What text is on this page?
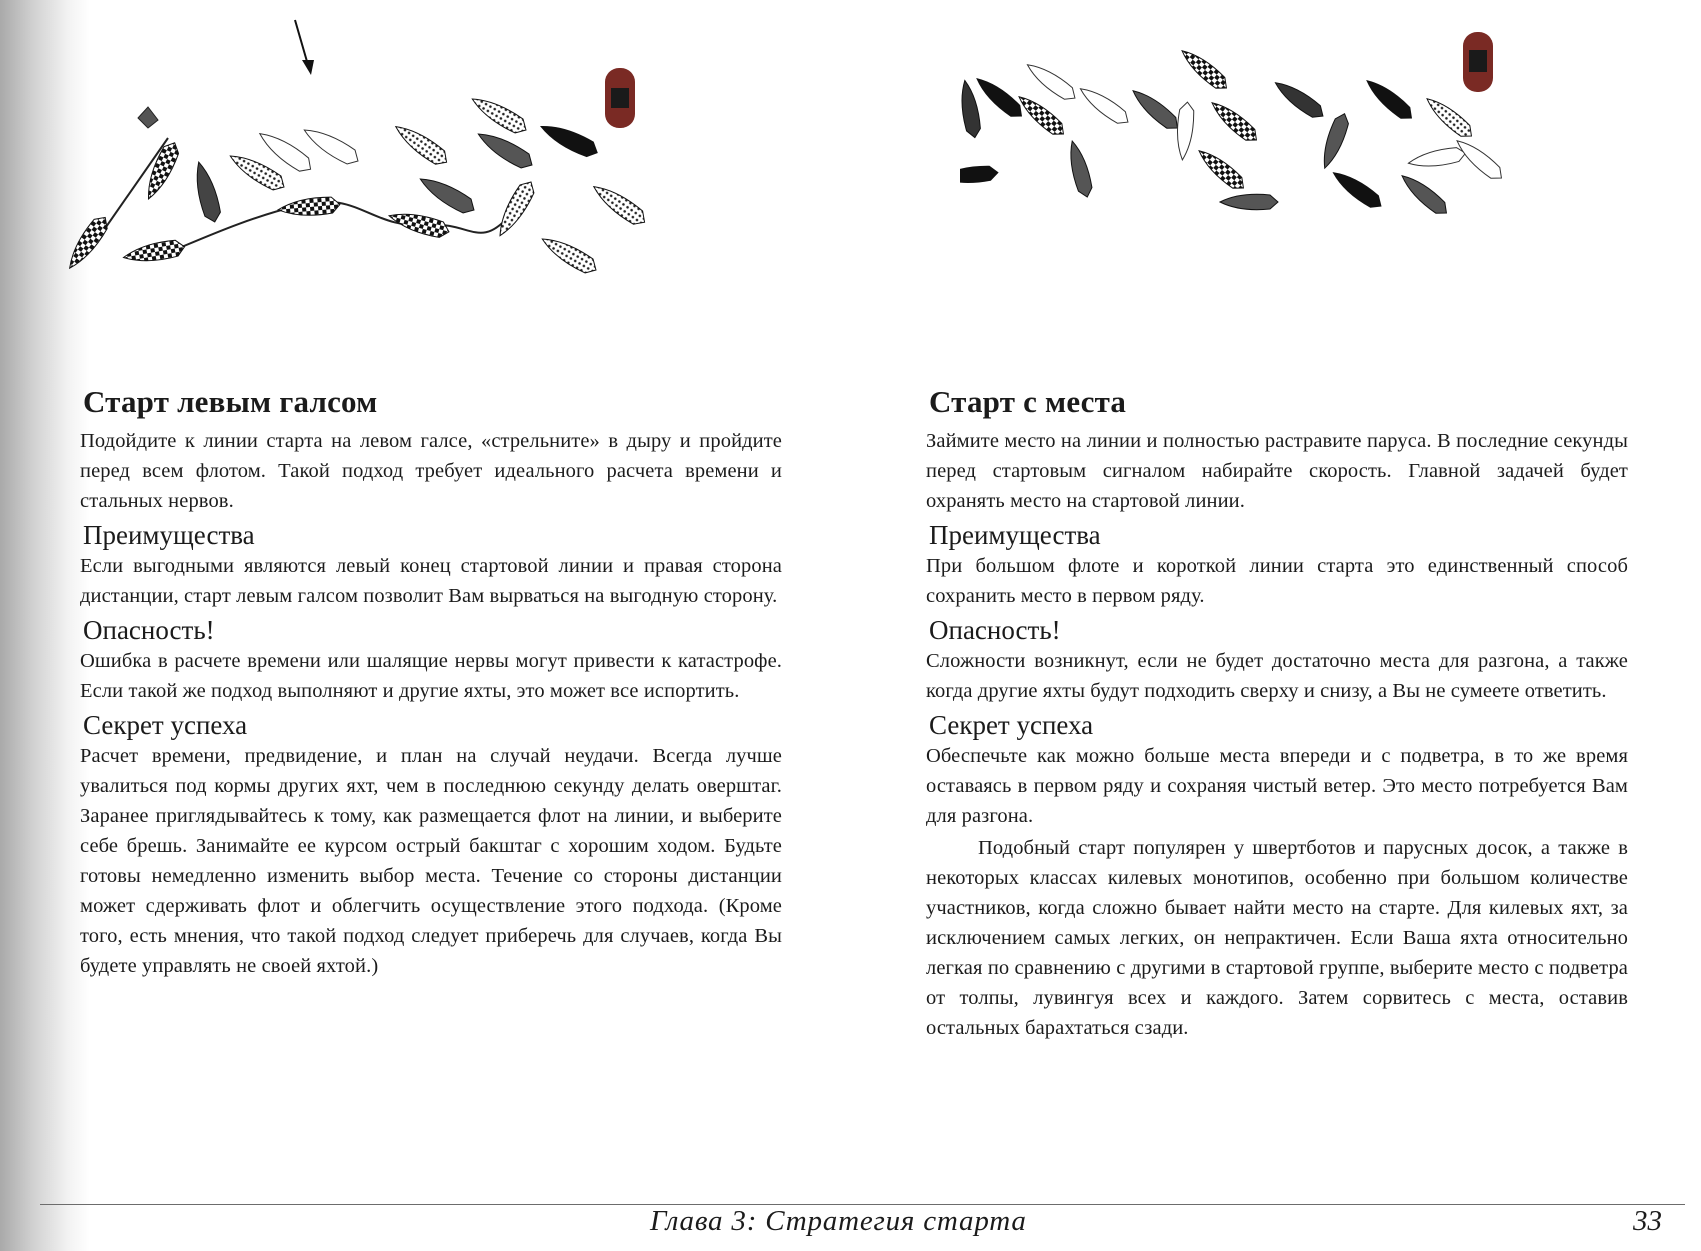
Старт левым галсом

Подойдите к линии старта на левом галсе, «стрельните» в дыру и пройдите перед всем флотом. Такой подход требует идеального расчета времени и стальных нервов.

Преимущества

Если выгодными являются левый конец стартовой линии и правая сторона дистанции, старт левым галсом позволит Вам вырваться на выгодную сторону.

Опасность!

Ошибка в расчете времени или шалящие нервы могут привести к катастрофе. Если такой же подход выполняют и другие яхты, это может все испортить.

Секрет успеха

Расчет времени, предвидение, и план на случай неудачи. Всегда лучше увалиться под кормы других яхт, чем в последнюю секунду делать оверштаг. Заранее приглядывайтесь к тому, как размещается флот на линии, и выберите себе брешь. Занимайте ее курсом острый бакштаг с хорошим ходом. Будьте готовы немедленно изменить выбор места. Течение со стороны дистанции может сдерживать флот и облегчить осуществление этого подхода. (Кроме того, есть мнения, что такой подход следует приберечь для случаев, когда Вы будете управлять не своей яхтой.)

Старт с места

Займите место на линии и полностью растравите паруса. В последние секунды перед стартовым сигналом набирайте скорость. Главной задачей будет охранять место на стартовой линии.

Преимущества

При большом флоте и короткой линии старта это единственный способ сохранить место в первом ряду.

Опасность!

Сложности возникнут, если не будет достаточно места для разгона, а также когда другие яхты будут подходить сверху и снизу, а Вы не сумеете ответить.

Секрет успеха

Обеспечьте как можно больше места впереди и с подветра, в то же время оставаясь в первом ряду и сохраняя чистый ветер. Это место потребуется Вам для разгона.

Подобный старт популярен у швертботов и парусных досок, а также в некоторых классах килевых монотипов, особенно при большом количестве участников, когда сложно бывает найти место на старте. Для килевых яхт, за исключением самых легких, он непрактичен. Если Ваша яхта относительно легкая по сравнению с другими в стартовой группе, выберите место с подветра от толпы, лувингуя всех и каждого. Затем сорвитесь с места, оставив остальных барахтаться сзади.

Глава 3: Стратегия старта	33
